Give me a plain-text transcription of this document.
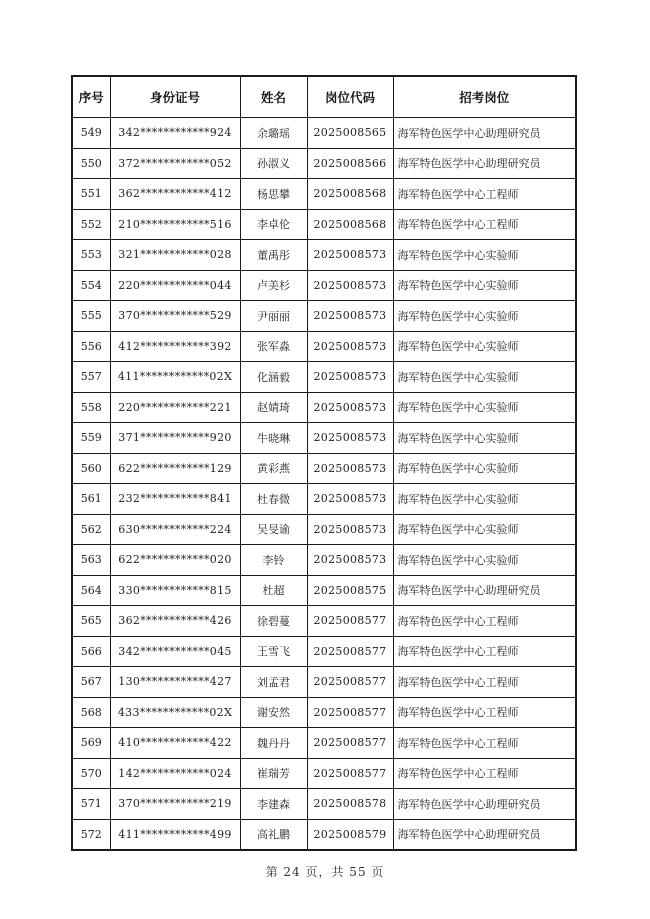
序号	身份证号	姓名	岗位代码	招考岗位
549	342************924	余璐瑶	2025008565	海军特色医学中心助理研究员
550	372************052	孙淑义	2025008566	海军特色医学中心助理研究员
551	362************412	杨思攀	2025008568	海军特色医学中心工程师
552	210************516	李卓伦	2025008568	海军特色医学中心工程师
553	321************028	董禹彤	2025008573	海军特色医学中心实验师
554	220************044	卢美杉	2025008573	海军特色医学中心实验师
555	370************529	尹丽丽	2025008573	海军特色医学中心实验师
556	412************392	张军淼	2025008573	海军特色医学中心实验师
557	411************02X	化涵毅	2025008573	海军特色医学中心实验师
558	220************221	赵婧琦	2025008573	海军特色医学中心实验师
559	371************920	牛晓琳	2025008573	海军特色医学中心实验师
560	622************129	黄彩燕	2025008573	海军特色医学中心实验师
561	232************841	杜春微	2025008573	海军特色医学中心实验师
562	630************224	吴旻谕	2025008573	海军特色医学中心实验师
563	622************020	李铃	2025008573	海军特色医学中心实验师
564	330************815	杜超	2025008575	海军特色医学中心助理研究员
565	362************426	徐碧蔓	2025008577	海军特色医学中心工程师
566	342************045	王雪飞	2025008577	海军特色医学中心工程师
567	130************427	刘孟君	2025008577	海军特色医学中心工程师
568	433************02X	谢安然	2025008577	海军特色医学中心工程师
569	410************422	魏丹丹	2025008577	海军特色医学中心工程师
570	142************024	崔瑞芳	2025008577	海军特色医学中心工程师
571	370************219	李建森	2025008578	海军特色医学中心助理研究员
572	411************499	高礼鹏	2025008579	海军特色医学中心助理研究员
第 24 页，共 55 页
